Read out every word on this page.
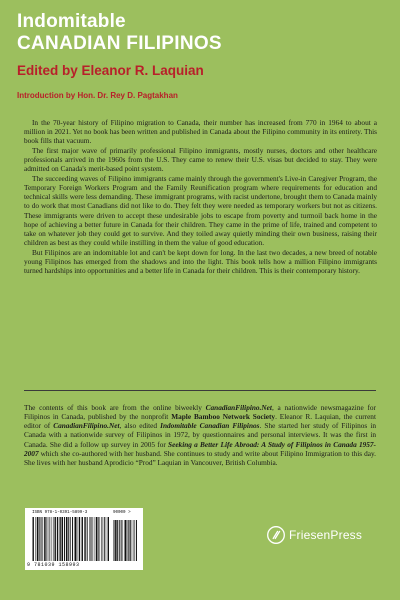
Indomitable
CANADIAN FILIPINOS
Edited by Eleanor R. Laquian
Introduction by Hon. Dr. Rey D. Pagtakhan

In the 70-year history of Filipino migration to Canada, their number has increased from 770 in 1964 to about a million in 2021. Yet no book has been written and published in Canada about the Filipino community in its entirety. This book fills that vacuum.

The first major wave of primarily professional Filipino immigrants, mostly nurses, doctors and other healthcare professionals arrived in the 1960s from the U.S. They came to renew their U.S. visas but decided to stay. They were admitted on Canada's merit-based point system.

The succeeding waves of Filipino immigrants came mainly through the government's Live-in Caregiver Program, the Temporary Foreign Workers Program and the Family Reunification program where requirements for education and technical skills were less demanding. These immigrant programs, with racist undertone, brought them to Canada mainly to do work that most Canadians did not like to do. They felt they were needed as temporary workers but not as citizens. These immigrants were driven to accept these undesirable jobs to escape from poverty and turmoil back home in the hope of achieving a better future in Canada for their children. They came in the prime of life, trained and competent to take on whatever job they could get to survive. And they toiled away quietly minding their own business, raising their children as best as they could while instilling in them the value of good education.

But Filipinos are an indomitable lot and can't be kept down for long. In the last two decades, a new breed of notable young Filipinos has emerged from the shadows and into the light. This book tells how a million Filipino immigrants turned hardships into opportunities and a better life in Canada for their children. This is their contemporary history.

The contents of this book are from the online biweekly CanadianFilipino.Net, a nationwide newsmagazine for Filipinos in Canada, published by the nonprofit Maple Bamboo Network Society. Eleanor R. Laquian, the current editor of CanadianFilipino.Net, also edited Indomitable Canadian Filipinos. She started her study of Filipinos in Canada with a nationwide survey of Filipinos in 1972, by questionnaires and personal interviews. It was the first in Canada. She did a follow up survey in 2005 for Seeking a Better Life Abroad: A Study of Filipinos in Canada 1957-2007 which she co-authored with her husband. She continues to study and write about Filipino Immigration to this day. She lives with her husband Aprodicio “Prod” Laquian in Vancouver, British Columbia.

ISBN 978-1-0391-5899-3	90000 >
9 781039 158993
FriesenPress
